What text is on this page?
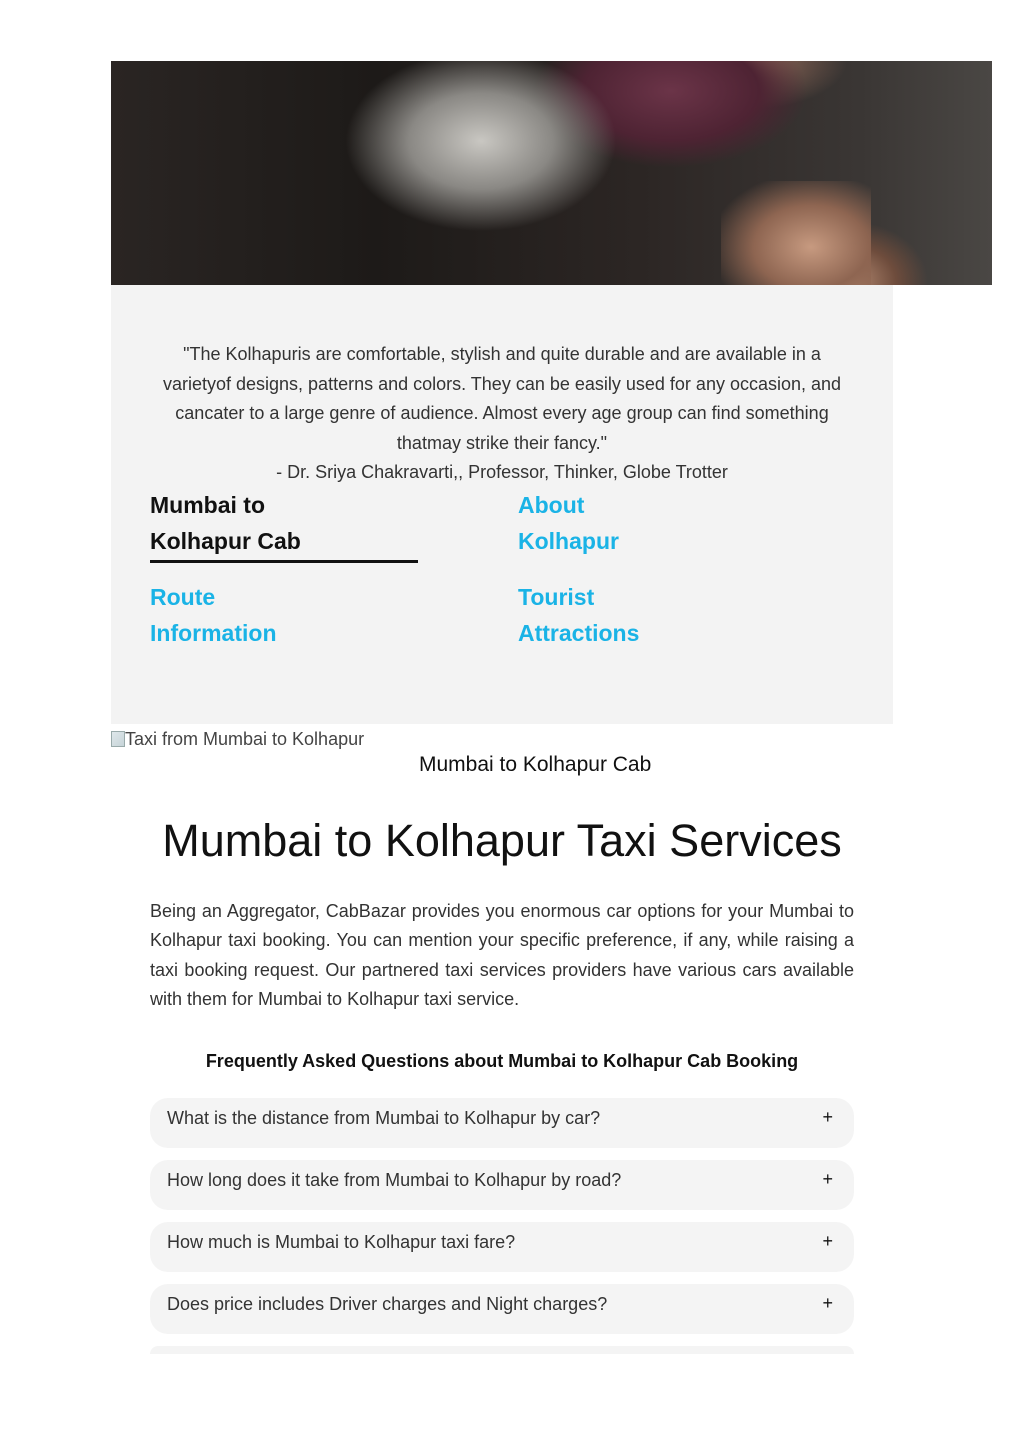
"The Kolhapuris are comfortable, stylish and quite durable and are available in a varietyof designs, patterns and colors. They can be easily used for any occasion, and cancater to a large genre of audience. Almost every age group can find something thatmay strike their fancy."
- Dr. Sriya Chakravarti,, Professor, Thinker, Globe Trotter

Mumbai to
Kolhapur Cab
About
Kolhapur
Route
Information
Tourist
Attractions
Taxi from Mumbai to Kolhapur
Mumbai to Kolhapur Cab
Mumbai to Kolhapur Taxi Services

Being an Aggregator, CabBazar provides you enormous car options for your Mumbai to Kolhapur taxi booking. You can mention your specific preference, if any, while raising a taxi booking request. Our partnered taxi services providers have various cars available with them for Mumbai to Kolhapur taxi service.

Frequently Asked Questions about Mumbai to Kolhapur Cab Booking
What is the distance from Mumbai to Kolhapur by car?	+
How long does it take from Mumbai to Kolhapur by road?	+
How much is Mumbai to Kolhapur taxi fare?	+
Does price includes Driver charges and Night charges?	+
